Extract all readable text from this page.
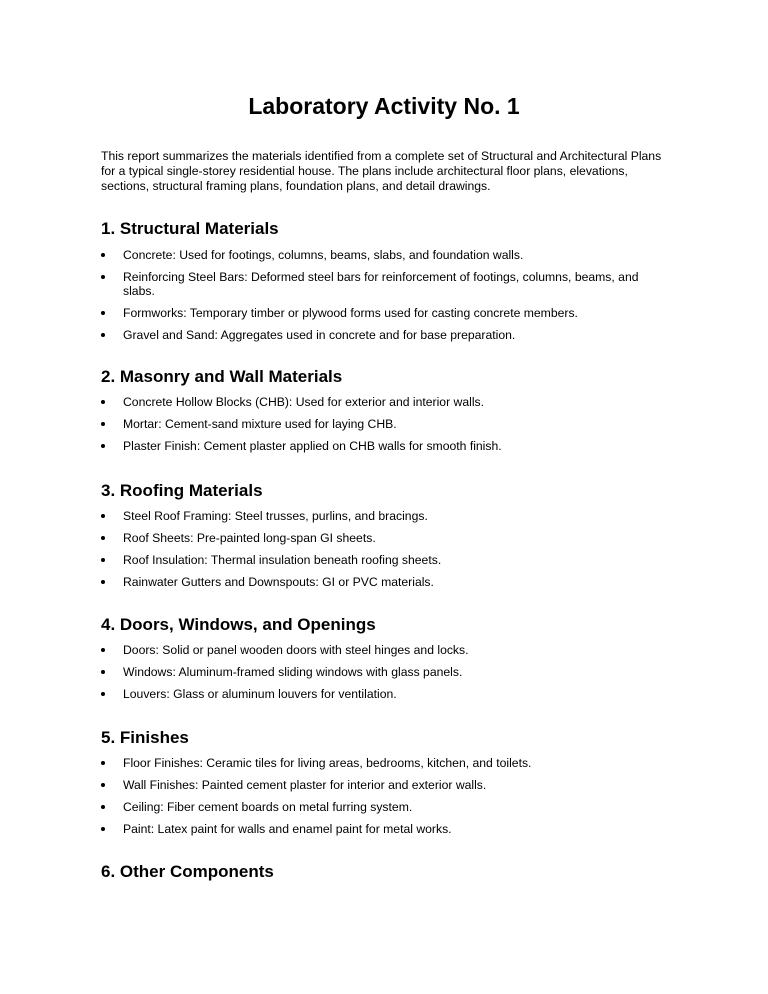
Laboratory Activity No. 1

This report summarizes the materials identified from a complete set of Structural and Architectural Plans for a typical single-storey residential house. The plans include architectural floor plans, elevations, sections, structural framing plans, foundation plans, and detail drawings.

1. Structural Materials
Concrete: Used for footings, columns, beams, slabs, and foundation walls.
Reinforcing Steel Bars: Deformed steel bars for reinforcement of footings, columns, beams, and slabs.
Formworks: Temporary timber or plywood forms used for casting concrete members.
Gravel and Sand: Aggregates used in concrete and for base preparation.
2. Masonry and Wall Materials
Concrete Hollow Blocks (CHB): Used for exterior and interior walls.
Mortar: Cement-sand mixture used for laying CHB.
Plaster Finish: Cement plaster applied on CHB walls for smooth finish.
3. Roofing Materials
Steel Roof Framing: Steel trusses, purlins, and bracings.
Roof Sheets: Pre-painted long-span GI sheets.
Roof Insulation: Thermal insulation beneath roofing sheets.
Rainwater Gutters and Downspouts: GI or PVC materials.
4. Doors, Windows, and Openings
Doors: Solid or panel wooden doors with steel hinges and locks.
Windows: Aluminum-framed sliding windows with glass panels.
Louvers: Glass or aluminum louvers for ventilation.
5. Finishes
Floor Finishes: Ceramic tiles for living areas, bedrooms, kitchen, and toilets.
Wall Finishes: Painted cement plaster for interior and exterior walls.
Ceiling: Fiber cement boards on metal furring system.
Paint: Latex paint for walls and enamel paint for metal works.
6. Other Components
